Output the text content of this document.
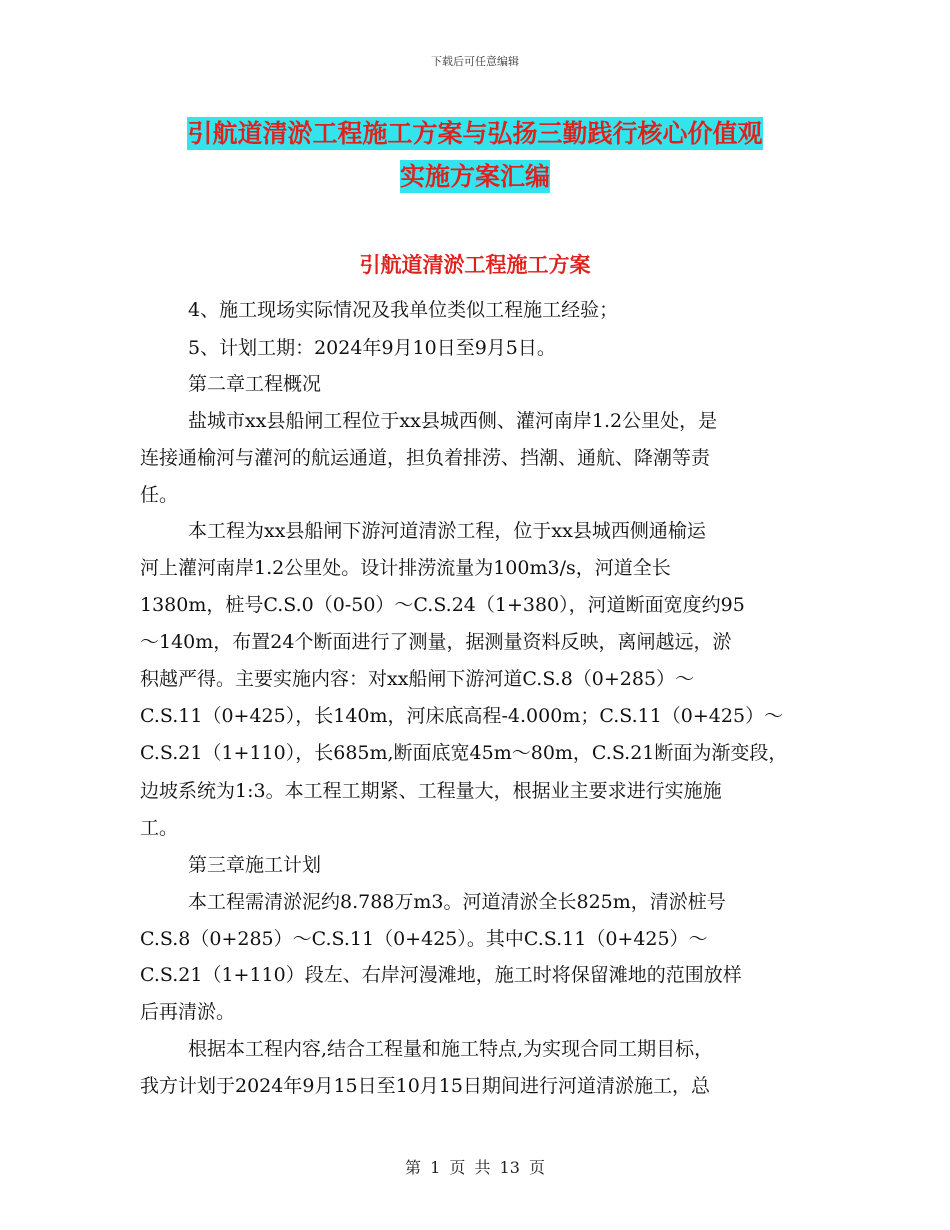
下载后可任意编辑
引航道清淤工程施工方案与弘扬三勤践行核心价值观
实施方案汇编
引航道清淤工程施工方案
4、施工现场实际情况及我单位类似工程施工经验；
5、计划工期：2024年9月10日至9月5日。
第二章工程概况
盐城市xx县船闸工程位于xx县城西侧、灌河南岸1.2公里处，是
连接通榆河与灌河的航运通道，担负着排涝、挡潮、通航、降潮等责
任。
本工程为xx县船闸下游河道清淤工程，位于xx县城西侧通榆运
河上灌河南岸1.2公里处。设计排涝流量为100m3/s，河道全长
1380m，桩号C.S.0（0-50）～C.S.24（1+380），河道断面宽度约95
～140m，布置24个断面进行了测量，据测量资料反映，离闸越远，淤
积越严得。主要实施内容：对xx船闸下游河道C.S.8（0+285）～
C.S.11（0+425），长140m，河床底高程-4.000m；C.S.11（0+425）～
C.S.21（1+110），长685m,断面底宽45m～80m，C.S.21断面为渐变段，
边坡系统为1:3。本工程工期紧、工程量大，根据业主要求进行实施施
工。
第三章施工计划
本工程需清淤泥约8.788万m3。河道清淤全长825m，清淤桩号
C.S.8（0+285）～C.S.11（0+425）。其中C.S.11（0+425）～
C.S.21（1+110）段左、右岸河漫滩地，施工时将保留滩地的范围放样
后再清淤。
根据本工程内容,结合工程量和施工特点,为实现合同工期目标，
我方计划于2024年9月15日至10月15日期间进行河道清淤施工，总
第 1 页 共 13 页
